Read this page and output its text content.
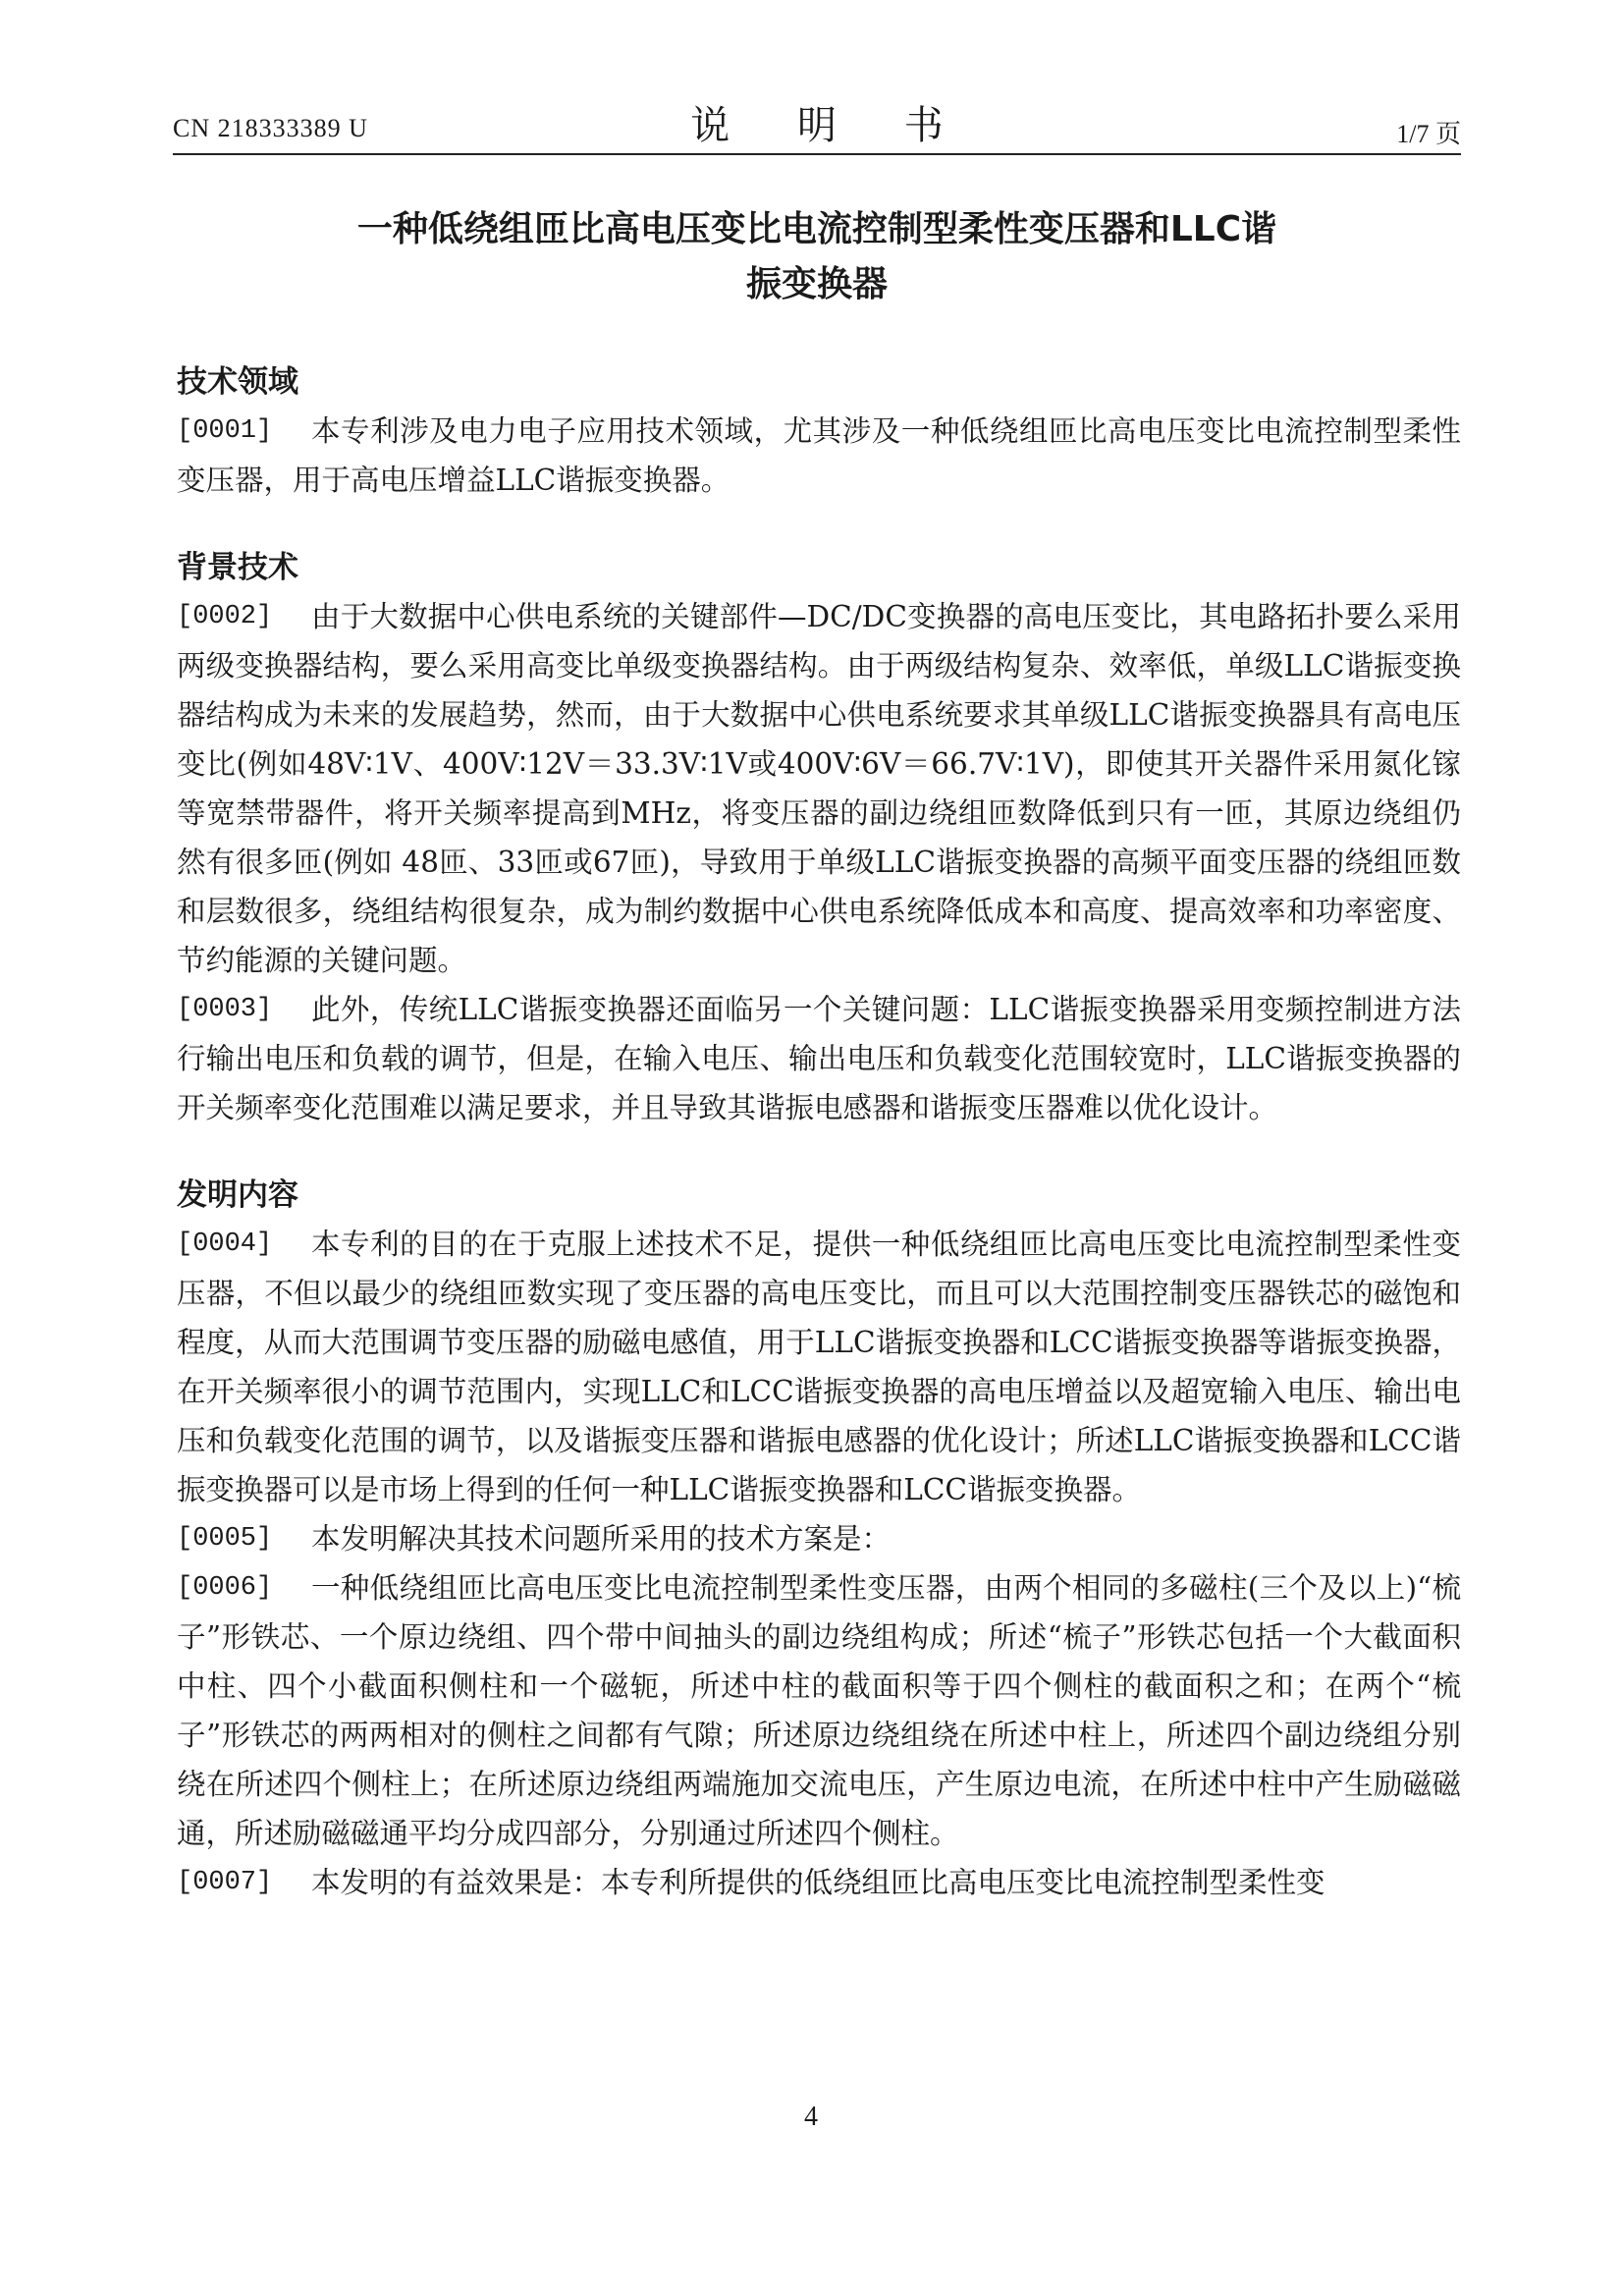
CN 218333389 U	说 明 书	1/7 页
一种低绕组匝比高电压变比电流控制型柔性变压器和LLC谐
振变换器
技术领域
[0001] 本专利涉及电力电子应用技术领域，尤其涉及一种低绕组匝比高电压变比电流控制型柔性变压器，用于高电压增益LLC谐振变换器。
背景技术
[0002] 由于大数据中心供电系统的关键部件—DC/DC变换器的高电压变比，其电路拓扑要么采用两级变换器结构，要么采用高变比单级变换器结构。由于两级结构复杂、效率低，单级LLC谐振变换器结构成为未来的发展趋势，然而，由于大数据中心供电系统要求其单级LLC谐振变换器具有高电压变比(例如48V∶1V、400V∶12V＝33.3V∶1V或400V∶6V＝66.7V∶1V)，即使其开关器件采用氮化镓等宽禁带器件，将开关频率提高到MHz，将变压器的副边绕组匝数降低到只有一匝，其原边绕组仍然有很多匝(例如 48匝、33匝或67匝)，导致用于单级LLC谐振变换器的高频平面变压器的绕组匝数和层数很多，绕组结构很复杂，成为制约数据中心供电系统降低成本和高度、提高效率和功率密度、节约能源的关键问题。
[0003] 此外，传统LLC谐振变换器还面临另一个关键问题：LLC谐振变换器采用变频控制进方法行输出电压和负载的调节，但是，在输入电压、输出电压和负载变化范围较宽时，LLC谐振变换器的开关频率变化范围难以满足要求，并且导致其谐振电感器和谐振变压器难以优化设计。
发明内容
[0004] 本专利的目的在于克服上述技术不足，提供一种低绕组匝比高电压变比电流控制型柔性变压器，不但以最少的绕组匝数实现了变压器的高电压变比，而且可以大范围控制变压器铁芯的磁饱和程度，从而大范围调节变压器的励磁电感值，用于LLC谐振变换器和LCC谐振变换器等谐振变换器，在开关频率很小的调节范围内，实现LLC和LCC谐振变换器的高电压增益以及超宽输入电压、输出电压和负载变化范围的调节，以及谐振变压器和谐振电感器的优化设计；所述LLC谐振变换器和LCC谐振变换器可以是市场上得到的任何一种LLC谐振变换器和LCC谐振变换器。
[0005] 本发明解决其技术问题所采用的技术方案是：
[0006] 一种低绕组匝比高电压变比电流控制型柔性变压器，由两个相同的多磁柱(三个及以上)“梳子”形铁芯、一个原边绕组、四个带中间抽头的副边绕组构成；所述“梳子”形铁芯包括一个大截面积中柱、四个小截面积侧柱和一个磁轭，所述中柱的截面积等于四个侧柱的截面积之和；在两个“梳子”形铁芯的两两相对的侧柱之间都有气隙；所述原边绕组绕在所述中柱上，所述四个副边绕组分别绕在所述四个侧柱上；在所述原边绕组两端施加交流电压，产生原边电流，在所述中柱中产生励磁磁通，所述励磁磁通平均分成四部分，分别通过所述四个侧柱。
[0007] 本发明的有益效果是：本专利所提供的低绕组匝比高电压变比电流控制型柔性变
4
